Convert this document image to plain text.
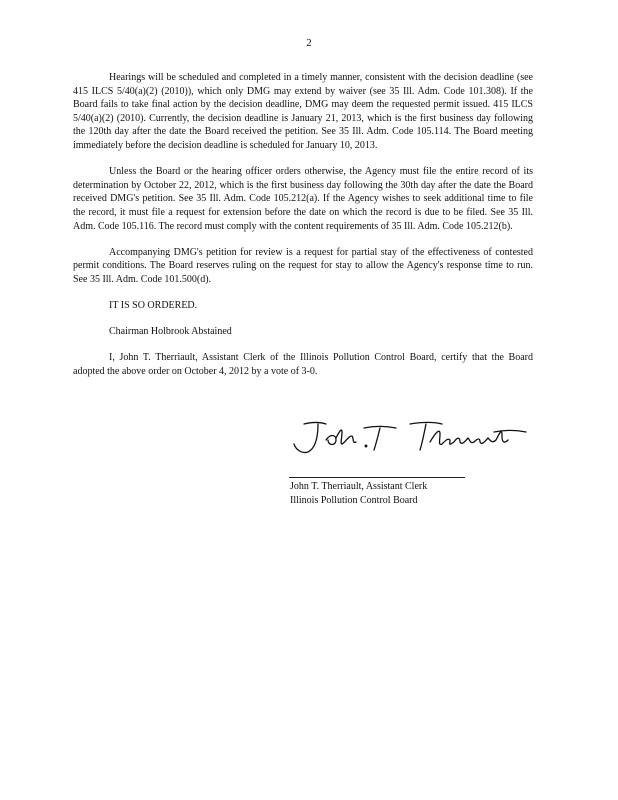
2

Hearings will be scheduled and completed in a timely manner, consistent with the decision deadline (see 415 ILCS 5/40(a)(2) (2010)), which only DMG may extend by waiver (see 35 Ill. Adm. Code 101.308). If the Board fails to take final action by the decision deadline, DMG may deem the requested permit issued. 415 ILCS 5/40(a)(2) (2010). Currently, the decision deadline is January 21, 2013, which is the first business day following the 120th day after the date the Board received the petition. See 35 Ill. Adm. Code 105.114. The Board meeting immediately before the decision deadline is scheduled for January 10, 2013.

Unless the Board or the hearing officer orders otherwise, the Agency must file the entire record of its determination by October 22, 2012, which is the first business day following the 30th day after the date the Board received DMG's petition. See 35 Ill. Adm. Code 105.212(a). If the Agency wishes to seek additional time to file the record, it must file a request for extension before the date on which the record is due to be filed. See 35 Ill. Adm. Code 105.116. The record must comply with the content requirements of 35 Ill. Adm. Code 105.212(b).

Accompanying DMG's petition for review is a request for partial stay of the effectiveness of contested permit conditions. The Board reserves ruling on the request for stay to allow the Agency's response time to run. See 35 Ill. Adm. Code 101.500(d).

IT IS SO ORDERED.

Chairman Holbrook Abstained

I, John T. Therriault, Assistant Clerk of the Illinois Pollution Control Board, certify that the Board adopted the above order on October 4, 2012 by a vote of 3-0.

John T. Therriault, Assistant Clerk
Illinois Pollution Control Board
